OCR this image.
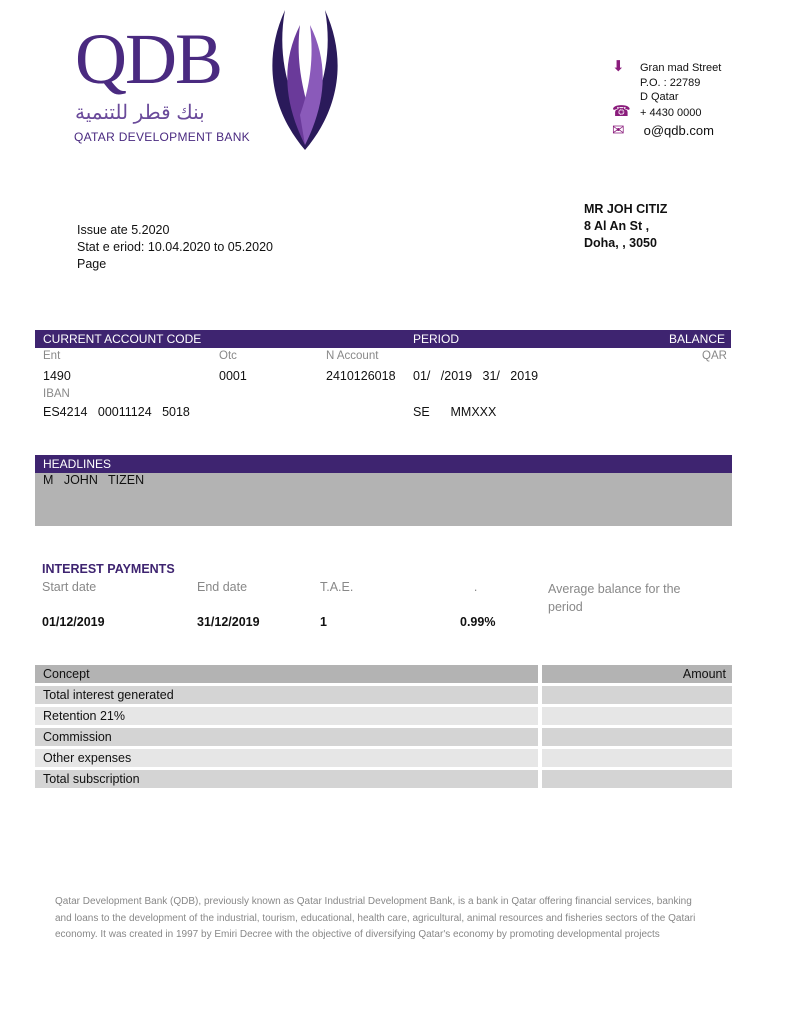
QDB
بنك قطر للتنمية
QATAR DEVELOPMENT BANK
⬇ Gran mad Street
P.O. : 22789
D Qatar
☎ + 4430 0000
✉ o@qdb.com
MR JOH CITIZ
8 Al An St ,
Doha, , 3050
Issue ate 5.2020
Stat e eriod: 10.04.2020 to 05.2020
Page
CURRENT ACCOUNT CODE	PERIOD	BALANCE
Ent	Otc	N Account	QAR
1490	0001	2410126018 01/   /2019   31/   2019
IBAN
ES4214   00011124   5018	SE      MMXXX
HEADLINES
M   JOHN   TIZEN
INTEREST PAYMENTS
Start date	End date	T.A.E.	.	Average balance for the period
01/12/2019	31/12/2019	1	0.99%
Concept	Amount
Total interest generated
Retention 21%
Commission
Other expenses
Total subscription
Qatar Development Bank (QDB), previously known as Qatar Industrial Development Bank, is a bank in Qatar offering financial services, banking and loans to the development of the industrial, tourism, educational, health care, agricultural, animal resources and fisheries sectors of the Qatari economy. It was created in 1997 by Emiri Decree with the objective of diversifying Qatar's economy by promoting developmental projects
